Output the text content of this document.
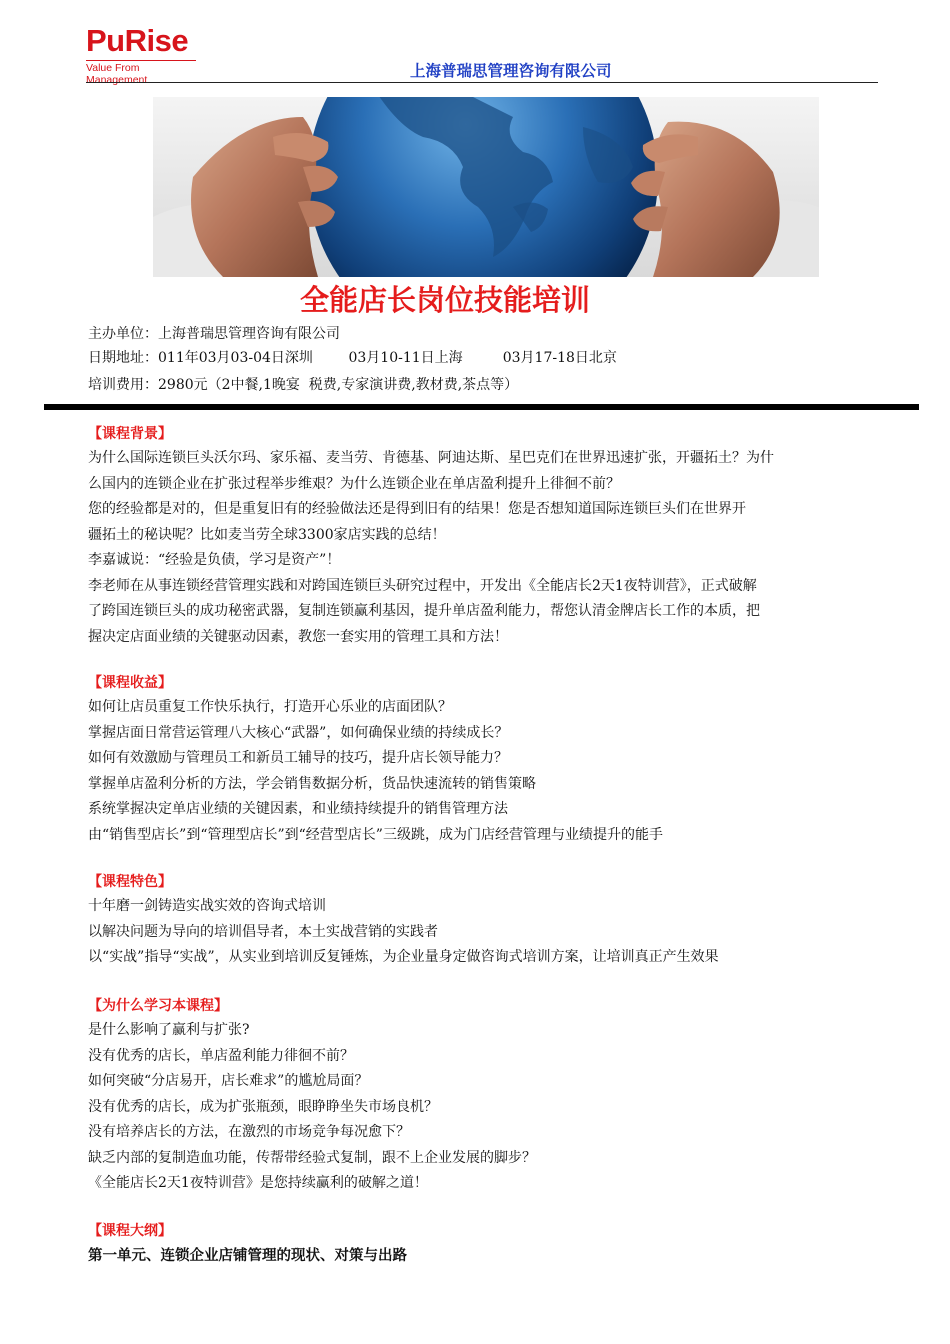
PuRise
Value From Management	上海普瑞思管理咨询有限公司
全能店长岗位技能培训
主办单位：上海普瑞思管理咨询有限公司
日期地址：011年03月03-04日深圳        03月10-11日上海         03月17-18日北京
培训费用：2980元（2中餐,1晚宴  税费,专家演讲费,教材费,茶点等）
【课程背景】
为什么国际连锁巨头沃尔玛、家乐福、麦当劳、肯德基、阿迪达斯、星巴克们在世界迅速扩张，开疆拓土？为什
么国内的连锁企业在扩张过程举步维艰？为什么连锁企业在单店盈利提升上徘徊不前？
您的经验都是对的，但是重复旧有的经验做法还是得到旧有的结果！您是否想知道国际连锁巨头们在世界开
疆拓土的秘诀呢？比如麦当劳全球3300家店实践的总结！
李嘉诚说：“经验是负债，学习是资产”！
李老师在从事连锁经营管理实践和对跨国连锁巨头研究过程中，开发出《全能店长2天1夜特训营》，正式破解
了跨国连锁巨头的成功秘密武器，复制连锁赢利基因，提升单店盈利能力，帮您认清金牌店长工作的本质，把
握决定店面业绩的关键驱动因素，教您一套实用的管理工具和方法！
【课程收益】
如何让店员重复工作快乐执行，打造开心乐业的店面团队？
掌握店面日常营运管理八大核心“武器”，如何确保业绩的持续成长？
如何有效激励与管理员工和新员工辅导的技巧，提升店长领导能力？
掌握单店盈利分析的方法，学会销售数据分析，货品快速流转的销售策略
系统掌握决定单店业绩的关键因素，和业绩持续提升的销售管理方法
由“销售型店长”到“管理型店长”到“经营型店长”三级跳，成为门店经营管理与业绩提升的能手
【课程特色】
十年磨一剑铸造实战实效的咨询式培训
以解决问题为导向的培训倡导者，本土实战营销的实践者
以“实战”指导“实战”，从实业到培训反复锤炼，为企业量身定做咨询式培训方案，让培训真正产生效果
【为什么学习本课程】
是什么影响了赢利与扩张?
没有优秀的店长，单店盈利能力徘徊不前？
如何突破“分店易开，店长难求”的尴尬局面？
没有优秀的店长，成为扩张瓶颈，眼睁睁坐失市场良机？
没有培养店长的方法，在激烈的市场竞争每况愈下？
缺乏内部的复制造血功能，传帮带经验式复制，跟不上企业发展的脚步？
《全能店长2天1夜特训营》是您持续赢利的破解之道！
【课程大纲】
第一单元、连锁企业店铺管理的现状、对策与出路
